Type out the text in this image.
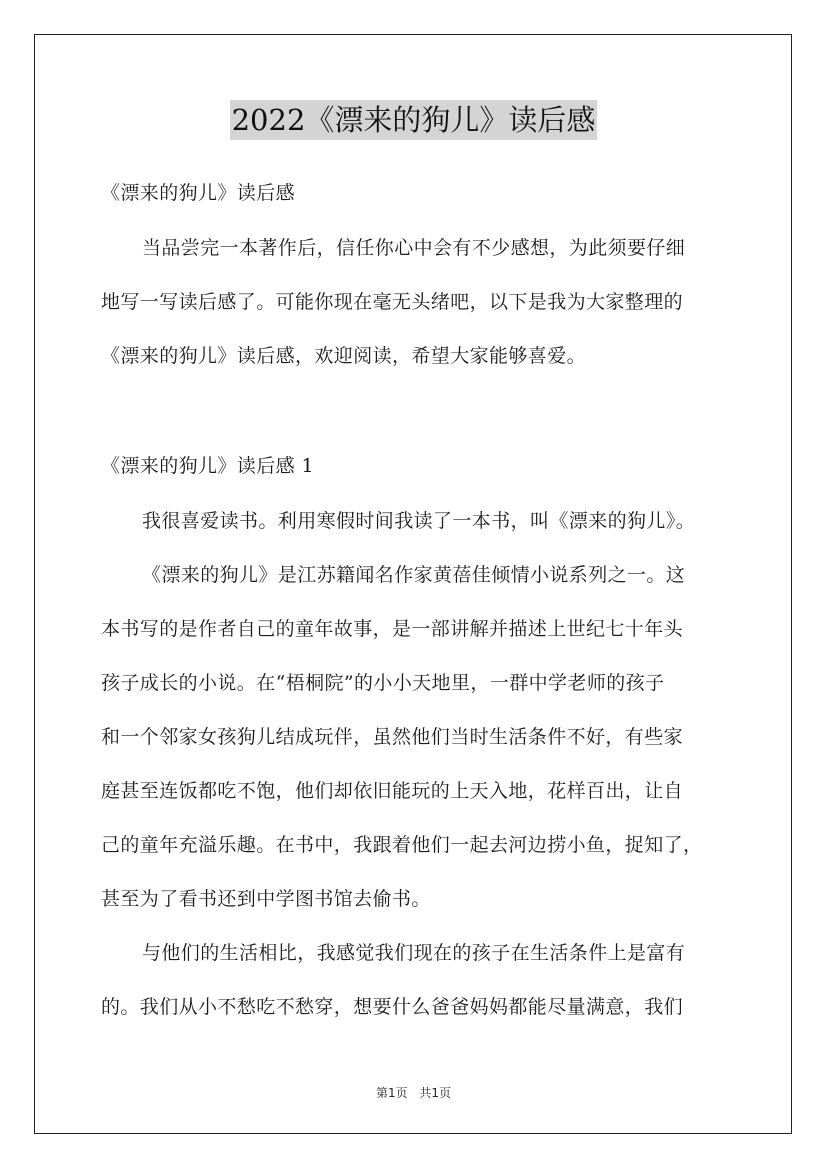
2022《漂来的狗儿》读后感
《漂来的狗儿》读后感
当品尝完一本著作后，信任你心中会有不少感想，为此须要仔细
地写一写读后感了。可能你现在毫无头绪吧，以下是我为大家整理的
《漂来的狗儿》读后感，欢迎阅读，希望大家能够喜爱。
《漂来的狗儿》读后感 1
我很喜爱读书。利用寒假时间我读了一本书，叫《漂来的狗儿》。
《漂来的狗儿》是江苏籍闻名作家黄蓓佳倾情小说系列之一。这
本书写的是作者自己的童年故事，是一部讲解并描述上世纪七十年头
孩子成长的小说。在“梧桐院”的小小天地里，一群中学老师的孩子
和一个邻家女孩狗儿结成玩伴，虽然他们当时生活条件不好，有些家
庭甚至连饭都吃不饱，他们却依旧能玩的上天入地，花样百出，让自
己的童年充溢乐趣。在书中，我跟着他们一起去河边捞小鱼，捉知了，
甚至为了看书还到中学图书馆去偷书。
与他们的生活相比，我感觉我们现在的孩子在生活条件上是富有
的。我们从小不愁吃不愁穿，想要什么爸爸妈妈都能尽量满意，我们
第1页 共1页
